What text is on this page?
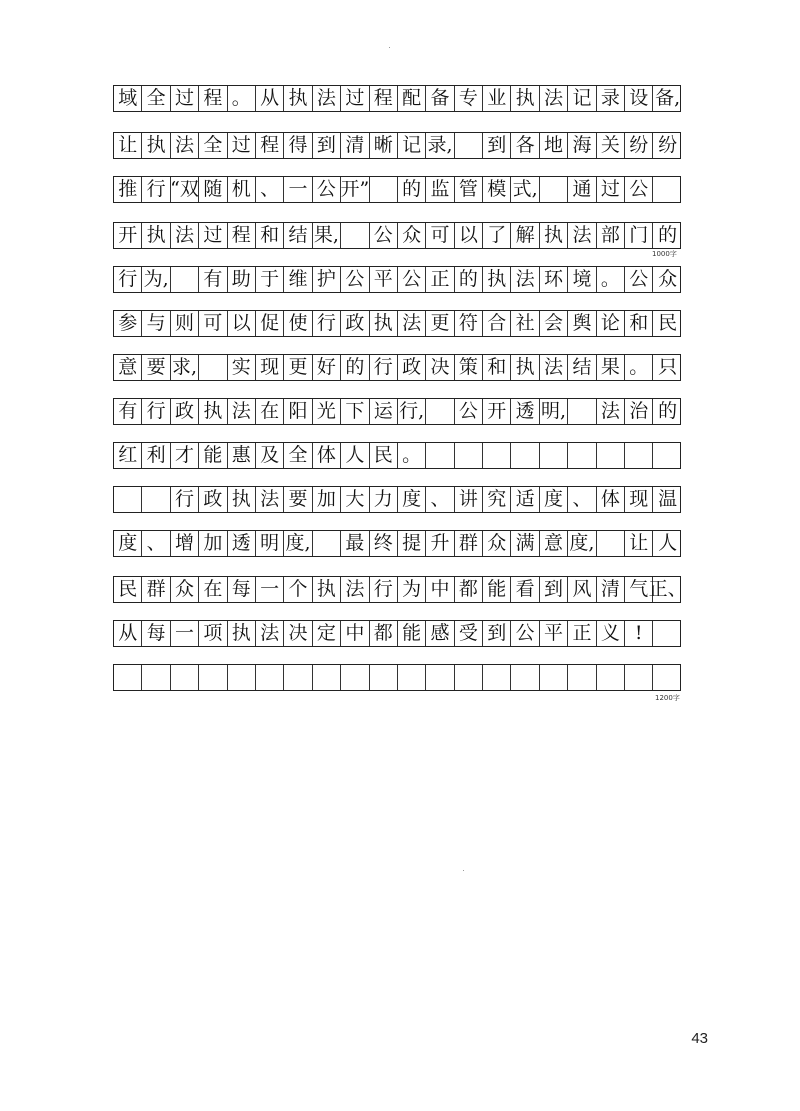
域 全 过 程 。 从 执 法 过 程 配 备 专 业 执 法 记 录 设 备,
让 执 法 全 过 程 得 到 清 晰 记 录, 到 各 地 海 关 纷 纷
推 行 “双 随 机 、 一 公 开” 的 监 管 模 式, 通 过 公
开 执 法 过 程 和 结 果, 公 众 可 以 了 解 执 法 部 门 的
行 为, 有 助 于 维 护 公 平 公 正 的 执 法 环 境 。 公 众
参 与 则 可 以 促 使 行 政 执 法 更 符 合 社 会 舆 论 和 民
意 要 求, 实 现 更 好 的 行 政 决 策 和 执 法 结 果 。 只
有 行 政 执 法 在 阳 光 下 运 行, 公 开 透 明, 法 治 的
红 利 才 能 惠 及 全 体 人 民 。
行 政 执 法 要 加 大 力 度 、 讲 究 适 度 、 体 现 温
度 、 增 加 透 明 度, 最 终 提 升 群 众 满 意 度, 让 人
民 群 众 在 每 一 个 执 法 行 为 中 都 能 看 到 风 清 气 正、
从 每 一 项 执 法 决 定 中 都 能 感 受 到 公 平 正 义 !
1000字
1200字
43
